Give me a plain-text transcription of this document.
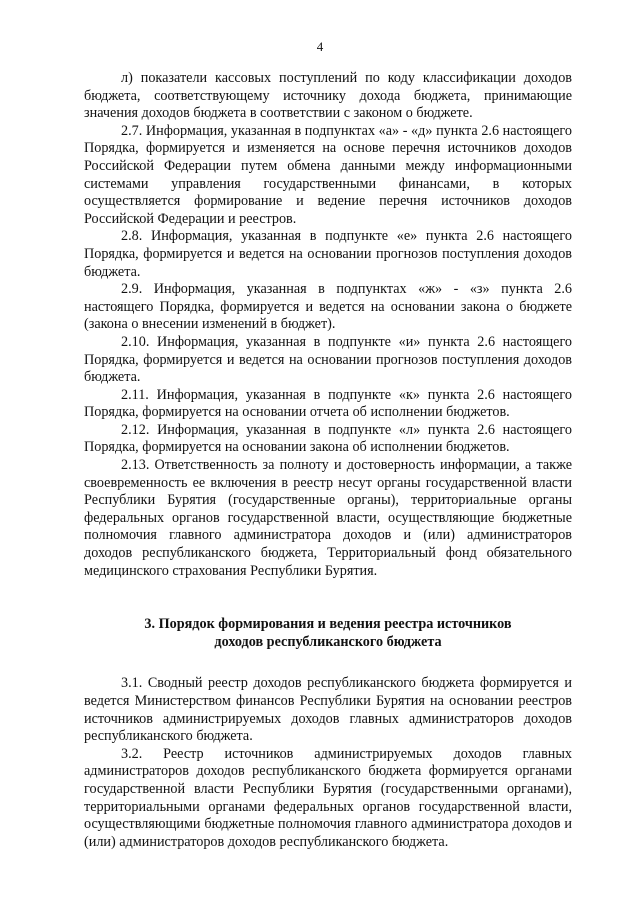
4

л) показатели кассовых поступлений по коду классификации доходов бюджета, соответствующему источнику дохода бюджета, принимающие значения доходов бюджета в соответствии с законом о бюджете.

2.7. Информация, указанная в подпунктах «а» - «д» пункта 2.6 настоящего Порядка, формируется и изменяется на основе перечня источников доходов Российской Федерации путем обмена данными между информационными системами управления государственными финансами, в которых осуществляется формирование и ведение перечня источников доходов Российской Федерации и реестров.

2.8. Информация, указанная в подпункте «е» пункта 2.6 настоящего Порядка, формируется и ведется на основании прогнозов поступления доходов бюджета.

2.9. Информация, указанная в подпунктах «ж» - «з» пункта 2.6 настоящего Порядка, формируется и ведется на основании закона о бюджете (закона о внесении изменений в бюджет).

2.10. Информация, указанная в подпункте «и» пункта 2.6 настоящего Порядка, формируется и ведется на основании прогнозов поступления доходов бюджета.

2.11. Информация, указанная в подпункте «к» пункта 2.6 настоящего Порядка, формируется на основании отчета об исполнении бюджетов.

2.12. Информация, указанная в подпункте «л» пункта 2.6 настоящего Порядка, формируется на основании закона об исполнении бюджетов.

2.13. Ответственность за полноту и достоверность информации, а также своевременность ее включения в реестр несут органы государственной власти Республики Бурятия (государственные органы), территориальные органы федеральных органов государственной власти, осуществляющие бюджетные полномочия главного администратора доходов и (или) администраторов доходов республиканского бюджета, Территориальный фонд обязательного медицинского страхования Республики Бурятия.

3. Порядок формирования и ведения реестра источников
доходов республиканского бюджета

3.1. Сводный реестр доходов республиканского бюджета формируется и ведется Министерством финансов Республики Бурятия на основании реестров источников администрируемых доходов главных администраторов доходов республиканского бюджета.

3.2. Реестр источников администрируемых доходов главных администраторов доходов республиканского бюджета формируется органами государственной власти Республики Бурятия (государственными органами), территориальными органами федеральных органов государственной власти, осуществляющими бюджетные полномочия главного администратора доходов и (или) администраторов доходов республиканского бюджета.
